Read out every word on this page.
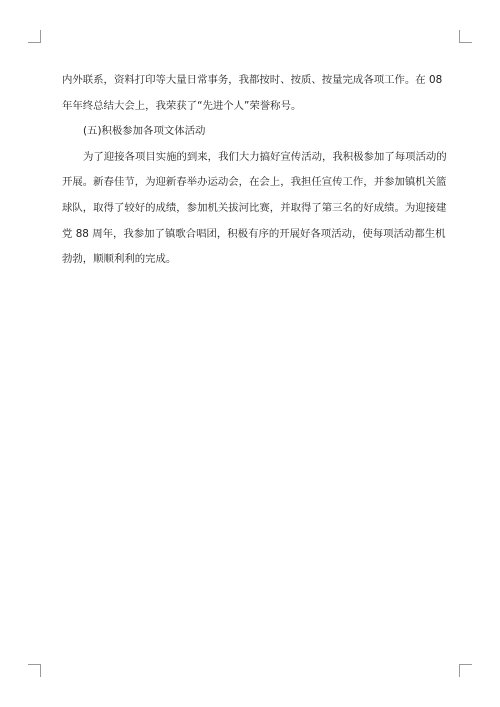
内外联系，资料打印等大量日常事务，我都按时、按质、按量完成各项工作。在 08
年年终总结大会上，我荣获了“先进个人”荣誉称号。
(五)积极参加各项文体活动
为了迎接各项目实施的到来，我们大力搞好宣传活动，我积极参加了每项活动的
开展。新春佳节，为迎新春举办运动会，在会上，我担任宣传工作，并参加镇机关篮
球队，取得了较好的成绩，参加机关拔河比赛，并取得了第三名的好成绩。为迎接建
党 88 周年，我参加了镇歌合唱团，积极有序的开展好各项活动，使每项活动都生机
勃勃，顺顺利利的完成。
